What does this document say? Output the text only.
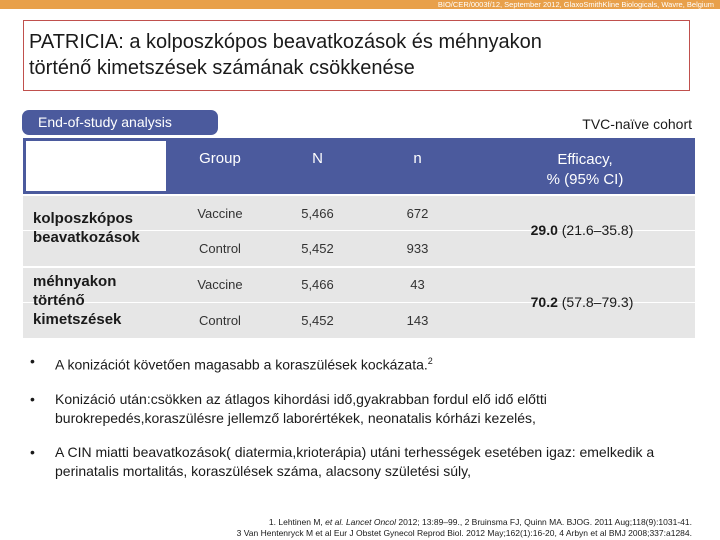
BIO/CER/0003f/12, September 2012, GlaxoSmithKline Biologicals, Wavre, Belgium
PATRICIA: a kolposzkópos beavatkozások és méhnyakon
történő kimetszések számának csökkenése
End-of-study analysis	TVC-naïve cohort
Group	N	n	Efficacy,
% (95% CI)
kolposzkópos
beavatkozások
Vaccine	5,466	672
Control	5,452	933
29.0 (21.6–35.8)
méhnyakon
történő
kimetszések
Vaccine	5,466	43
Control	5,452	143
70.2 (57.8–79.3)
• A konizációt követően magasabb a koraszülések kockázata.$^2$
• Konizáció után:csökken az átlagos kihordási idő,gyakrabban fordul elő idő előtti burokrepedés,koraszülésre jellemző laborértékek, neonatalis kórházi kezelés,
• A CIN miatti beavatkozások( diatermia,krioterápia) utáni terhességek esetében igaz: emelkedik a perinatalis mortalitás, koraszülések száma, alacsony születési súly,
1. Lehtinen M, et al. Lancet Oncol 2012; 13:89–99., 2 Bruinsma FJ, Quinn MA. BJOG. 2011 Aug;118(9):1031-41.
3 Van Hentenryck M et al Eur J Obstet Gynecol Reprod Biol. 2012 May;162(1):16-20, 4 Arbyn et al BMJ 2008;337:a1284.
